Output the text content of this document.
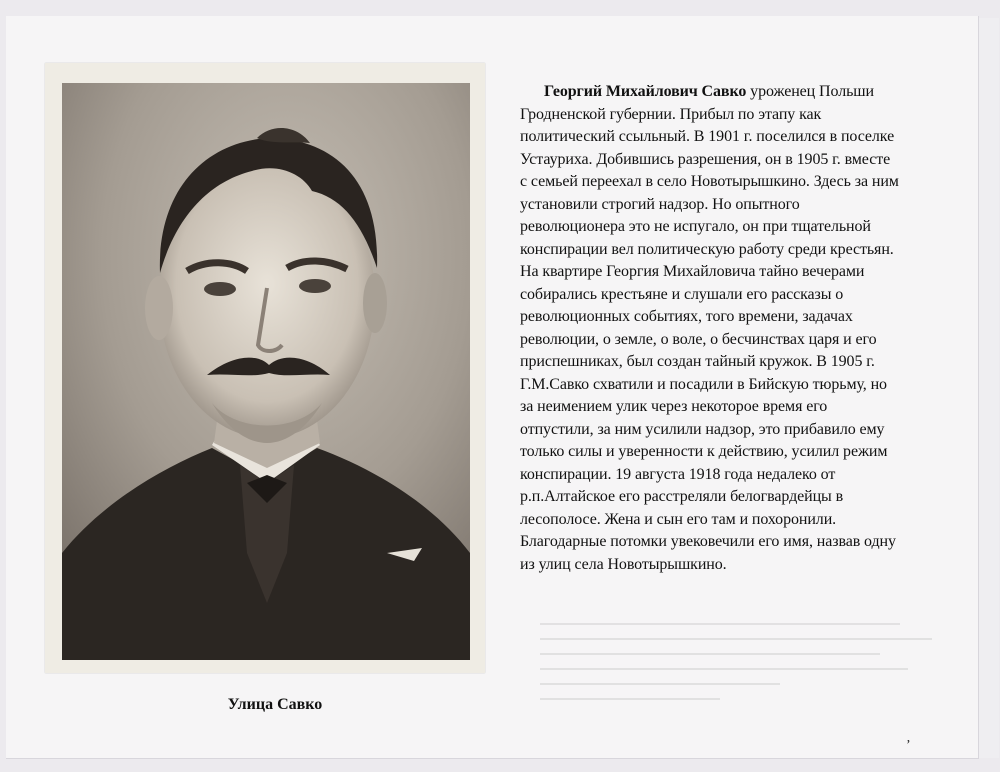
Улица Савко
Георгий Михайлович Савко уроженец Польши
Гродненской губернии. Прибыл по этапу как
политический ссыльный. В 1901 г. поселился в поселке
Устауриха. Добившись разрешения, он в 1905 г. вместе
с семьей переехал в село Новотырышкино. Здесь за ним
установили строгий надзор. Но опытного
революционера это не испугало, он при тщательной
конспирации вел политическую работу среди крестьян.
На квартире Георгия Михайловича тайно вечерами
собирались крестьяне и слушали его рассказы о
революционных событиях, того времени, задачах
революции, о земле, о воле, о бесчинствах царя и его
приспешниках, был создан тайный кружок. В 1905 г.
Г.М.Савко схватили и посадили в Бийскую тюрьму, но
за неимением улик через некоторое время его
отпустили, за ним усилили надзор, это прибавило ему
только силы и уверенности к действию, усилил режим
конспирации. 19 августа 1918 года недалеко от
р.п.Алтайское его расстреляли белогвардейцы в
лесополосе. Жена и сын его там и похоронили.
Благодарные потомки увековечили его имя, назвав одну
из улиц села Новотырышкино.
ʼ
